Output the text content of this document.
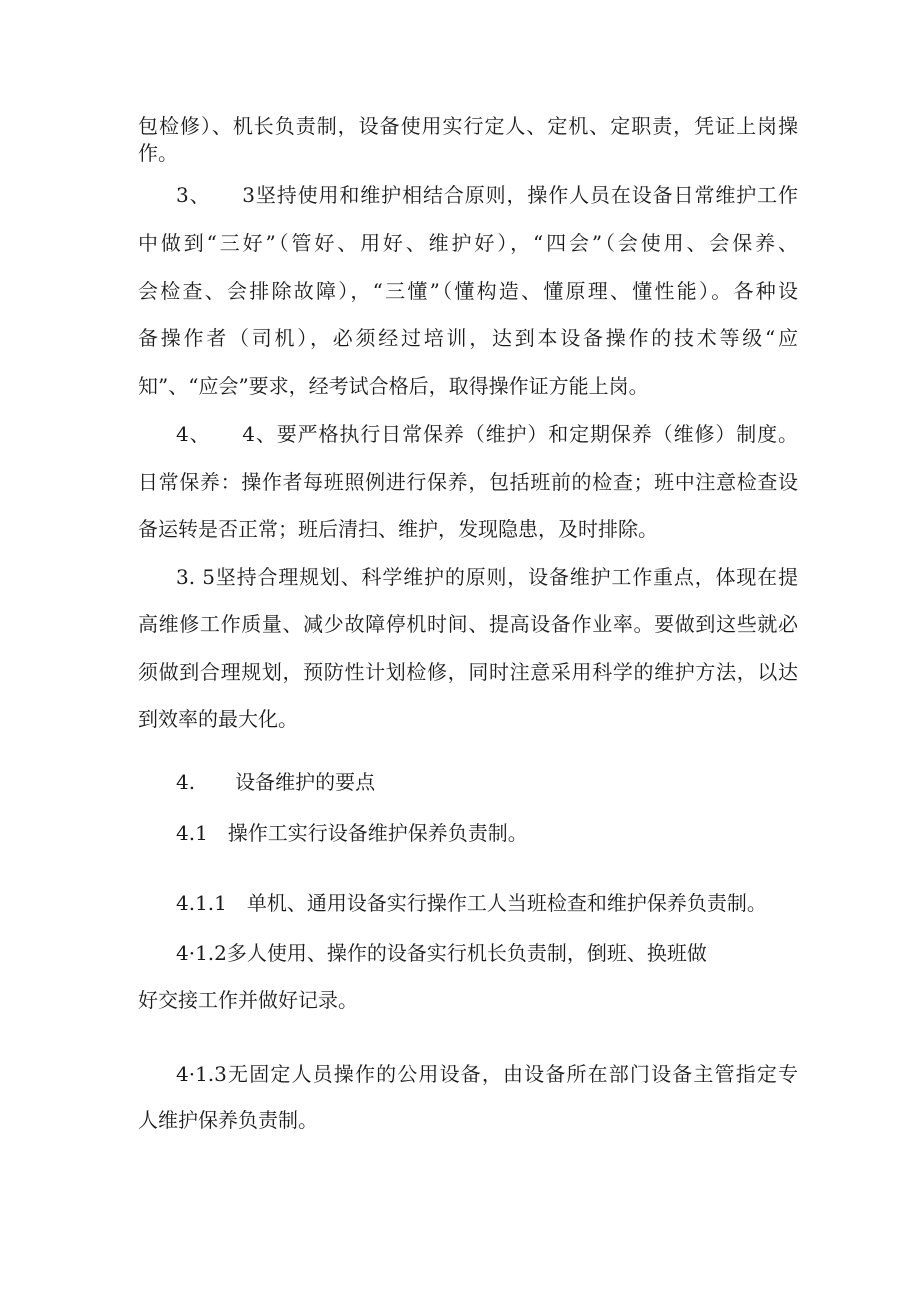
包检修）、机长负责制，设备使用实行定人、定机、定职责，凭证上岗操
作。
3、　　3坚持使用和维护相结合原则，操作人员在设备日常维护工作
中做到“三好”（管好、用好、维护好），“四会”（会使用、会保养、
会检查、会排除故障），“三懂”（懂构造、懂原理、懂性能）。各种设
备操作者（司机），必须经过培训，达到本设备操作的技术等级“应
知”、“应会”要求，经考试合格后，取得操作证方能上岗。
4、　　4、要严格执行日常保养（维护）和定期保养（维修）制度。
日常保养：操作者每班照例进行保养，包括班前的检查；班中注意检查设
备运转是否正常；班后清扫、维护，发现隐患，及时排除。
3. 5坚持合理规划、科学维护的原则，设备维护工作重点，体现在提
高维修工作质量、减少故障停机时间、提高设备作业率。要做到这些就必
须做到合理规划，预防性计划检修，同时注意采用科学的维护方法，以达
到效率的最大化。
4.　　设备维护的要点
4.1　操作工实行设备维护保养负责制。
4.1.1　单机、通用设备实行操作工人当班检查和维护保养负责制。
4·1.2多人使用、操作的设备实行机长负责制，倒班、换班做
好交接工作并做好记录。
4·1.3无固定人员操作的公用设备，由设备所在部门设备主管指定专
人维护保养负责制。
